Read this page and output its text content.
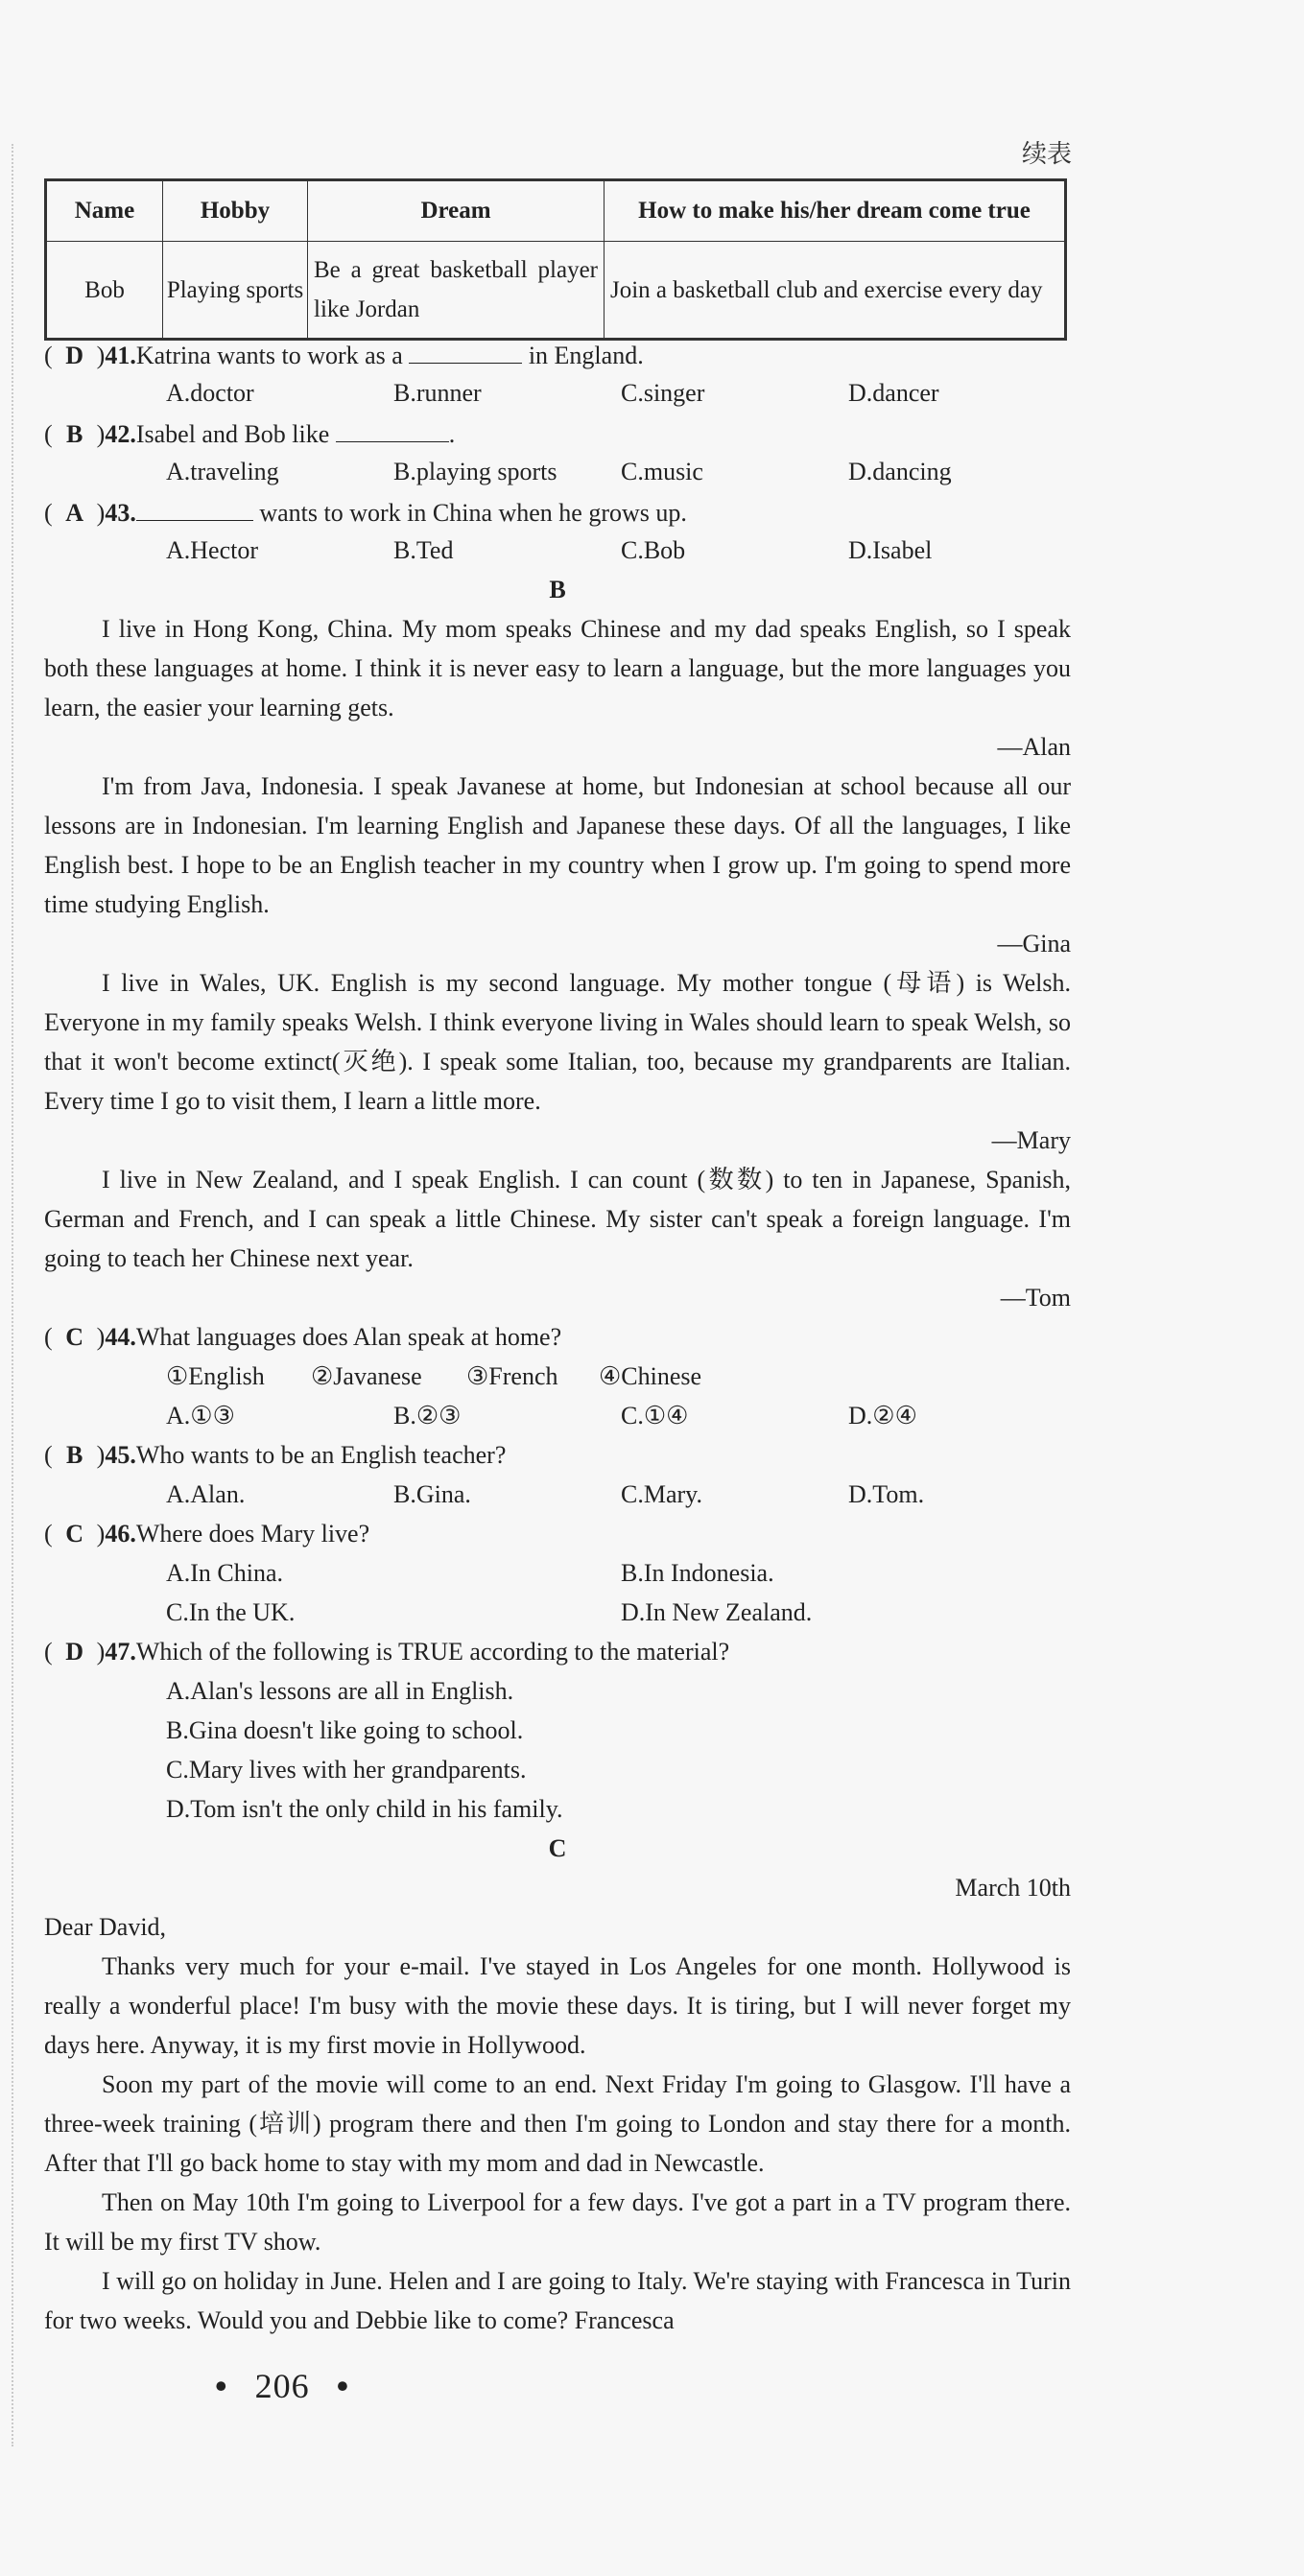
续表
Name	Hobby	Dream	How to make his/her dream come true
Bob	Playing sports	Be a great basketball player like Jordan	Join a basketball club and exercise every day
( D )41.Katrina wants to work as a	in England.
A.doctor	B.runner	C.singer	D.dancer
( B )42.Isabel and Bob like	.
A.traveling	B.playing sports	C.music	D.dancing
( A )43.	wants to work in China when he grows up.
A.Hector	B.Ted	C.Bob	D.Isabel
B

I live in Hong Kong, China. My mom speaks Chinese and my dad speaks English, so I speak both these languages at home. I think it is never easy to learn a language, but the more languages you learn, the easier your learning gets.

—Alan

I'm from Java, Indonesia. I speak Javanese at home, but Indonesian at school because all our lessons are in Indonesian. I'm learning English and Japanese these days. Of all the languages, I like English best. I hope to be an English teacher in my country when I grow up. I'm going to spend more time studying English.

—Gina

I live in Wales, UK. English is my second language. My mother tongue (母语) is Welsh. Everyone in my family speaks Welsh. I think everyone living in Wales should learn to speak Welsh, so that it won't become extinct(灭绝). I speak some Italian, too, because my grandparents are Italian. Every time I go to visit them, I learn a little more.

—Mary

I live in New Zealand, and I speak English. I can count (数数) to ten in Japanese, Spanish, German and French, and I can speak a little Chinese. My sister can't speak a foreign language. I'm going to teach her Chinese next year.

—Tom
( C )44.What languages does Alan speak at home?
①English ②Javanese ③French ④Chinese
A.①③	B.②③	C.①④	D.②④
( B )45.Who wants to be an English teacher?
A.Alan.	B.Gina.	C.Mary.	D.Tom.
( C )46.Where does Mary live?
A.In China.	B.In Indonesia.
C.In the UK.	D.In New Zealand.
( D )47.Which of the following is TRUE according to the material?
A.Alan's lessons are all in English.
B.Gina doesn't like going to school.
C.Mary lives with her grandparents.
D.Tom isn't the only child in his family.
C
March 10th
Dear David,

Thanks very much for your e-mail. I've stayed in Los Angeles for one month. Hollywood is really a wonderful place! I'm busy with the movie these days. It is tiring, but I will never forget my days here. Anyway, it is my first movie in Hollywood.

Soon my part of the movie will come to an end. Next Friday I'm going to Glasgow. I'll have a three-week training (培训) program there and then I'm going to London and stay there for a month. After that I'll go back home to stay with my mom and dad in Newcastle.

Then on May 10th I'm going to Liverpool for a few days. I've got a part in a TV program there. It will be my first TV show.

I will go on holiday in June. Helen and I are going to Italy. We're staying with Francesca in Turin for two weeks. Would you and Debbie like to come? Francesca

• 206 •
